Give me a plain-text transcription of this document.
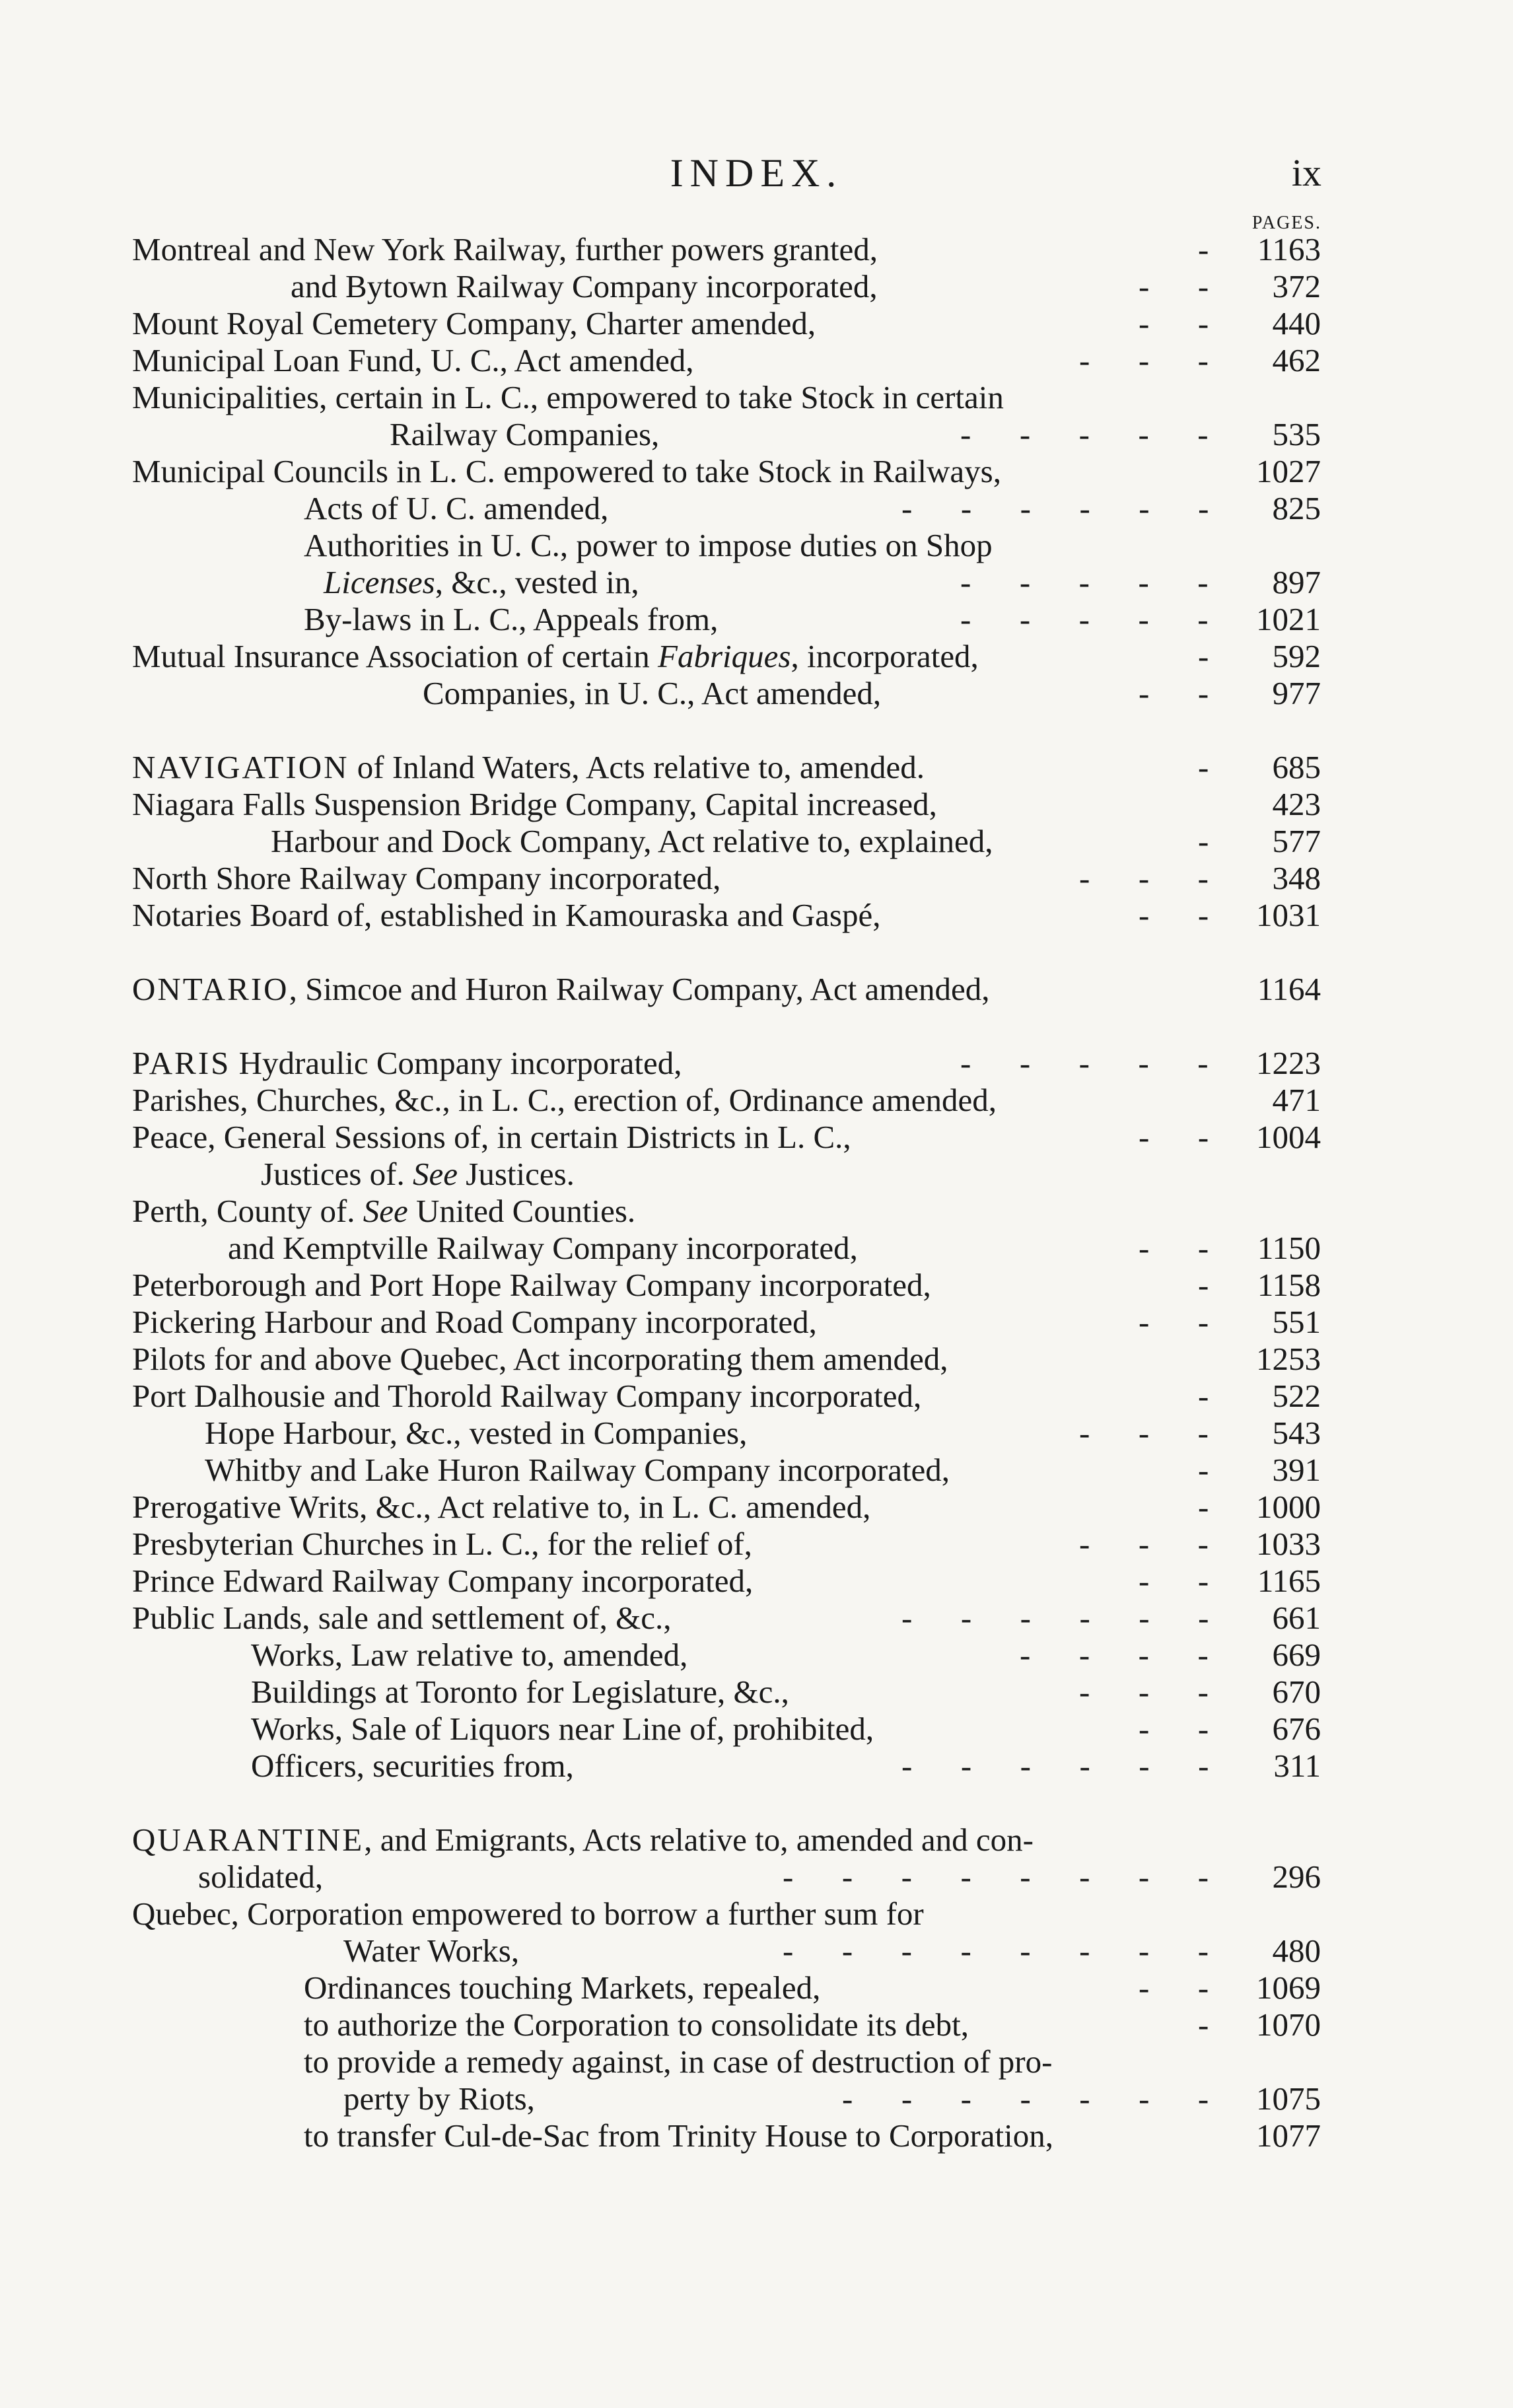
INDEX.	ix
PAGES.
Montreal and New York Railway, further powers granted,	- 1163
and Bytown Railway Company incorporated,	-      - 372
Mount Royal Cemetery Company, Charter amended,	-      - 440
Municipal Loan Fund, U. C., Act amended,	-      -      - 462
Municipalities, certain in L. C., empowered to take Stock in certain
Railway Companies,	-      -      -      -      - 535
Municipal Councils in L. C. empowered to take Stock in Railways,	1027
Acts of U. C. amended,	-      -      -      -      -      - 825
Authorities in U. C., power to impose duties on Shop
Licenses, &c., vested in,	-      -      -      -      - 897
By-laws in L. C., Appeals from,	-      -      -      -      - 1021
Mutual Insurance Association of certain Fabriques, incorporated,	- 592
Companies, in U. C., Act amended,	-      - 977
NAVIGATION of Inland Waters, Acts relative to, amended.	- 685
Niagara Falls Suspension Bridge Company, Capital increased,	423
Harbour and Dock Company, Act relative to, explained,	- 577
North Shore Railway Company incorporated,	-      -      - 348
Notaries Board of, established in Kamouraska and Gaspé,	-      - 1031
ONTARIO, Simcoe and Huron Railway Company, Act amended,	1164
PARIS Hydraulic Company incorporated,	-      -      -      -      - 1223
Parishes, Churches, &c., in L. C., erection of, Ordinance amended,	471
Peace, General Sessions of, in certain Districts in L. C.,	-      - 1004
Justices of. See Justices.
Perth, County of. See United Counties.
and Kemptville Railway Company incorporated,	-      - 1150
Peterborough and Port Hope Railway Company incorporated,	- 1158
Pickering Harbour and Road Company incorporated,	-      - 551
Pilots for and above Quebec, Act incorporating them amended,	1253
Port Dalhousie and Thorold Railway Company incorporated,	- 522
Hope Harbour, &c., vested in Companies,	-      -      - 543
Whitby and Lake Huron Railway Company incorporated,	- 391
Prerogative Writs, &c., Act relative to, in L. C. amended,	- 1000
Presbyterian Churches in L. C., for the relief of,	-      -      - 1033
Prince Edward Railway Company incorporated,	-      - 1165
Public Lands, sale and settlement of, &c.,	-      -      -      -      -      - 661
Works, Law relative to, amended,	-      -      -      - 669
Buildings at Toronto for Legislature, &c.,	-      -      - 670
Works, Sale of Liquors near Line of, prohibited,	-      - 676
Officers, securities from,	-      -      -      -      -      - 311
QUARANTINE, and Emigrants, Acts relative to, amended and con-
solidated,	-      -      -      -      -      -      -      - 296
Quebec, Corporation empowered to borrow a further sum for
Water Works,	-      -      -      -      -      -      -      - 480
Ordinances touching Markets, repealed,	-      - 1069
to authorize the Corporation to consolidate its debt,	- 1070
to provide a remedy against, in case of destruction of pro-
perty by Riots,	-      -      -      -      -      -      - 1075
to transfer Cul-de-Sac from Trinity House to Corporation,	1077
